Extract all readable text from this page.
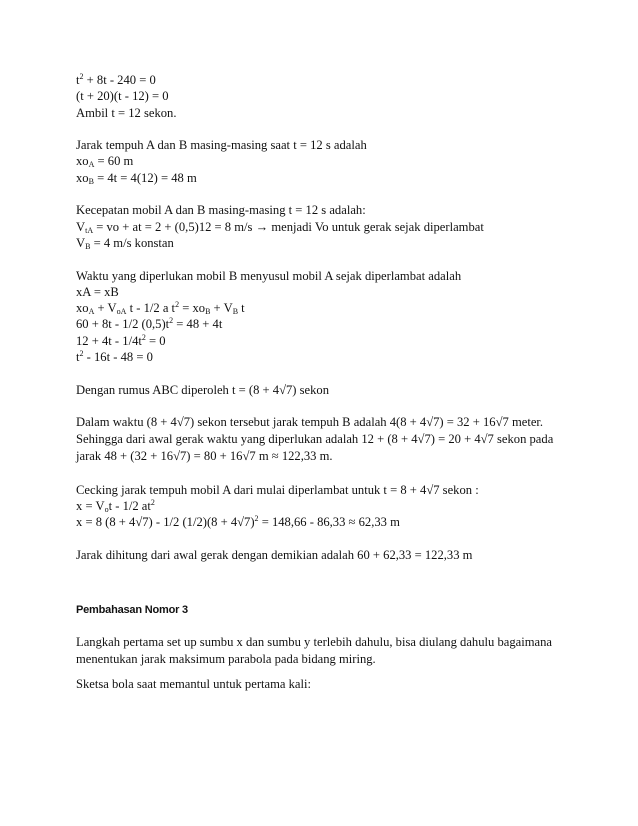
$t^2 + 8t - 240 = 0$
(t + 20)(t - 12) = 0
Ambil t = 12 sekon.
Jarak tempuh A dan B masing-masing saat t = 12 s adalah
$xo_A = 60$ m
$xo_B = 4t = 4(12) = 48$ m
Kecepatan mobil A dan B masing-masing t = 12 s adalah:
$V_{tA}$ = vo + at = 2 + (0,5)12 = 8 m/s → menjadi Vo untuk gerak sejak diperlambat
$V_B = 4$ m/s konstan
Waktu yang diperlukan mobil B menyusul mobil A sejak diperlambat adalah
xA = xB
$xo_A + V_{oA}$ t - 1/2 a $t^2 = xo_B + V_B$ t
60 + 8t - 1/2 $(0,5)t^2 = 48 + 4t$
$12 + 4t - 1/4t^2 = 0$
$t^2 - 16t - 48 = 0$
Dengan rumus ABC diperoleh t = (8 + 4√7) sekon
Dalam waktu (8 + 4√7) sekon tersebut jarak tempuh B adalah 4(8 + 4√7) = 32 + 16√7 meter. Sehingga dari awal gerak waktu yang diperlukan adalah 12 + (8 + 4√7) = 20 + 4√7 sekon pada jarak 48 + (32 + 16√7) = 80 + 16√7 m ≈ 122,33 m.
Cecking jarak tempuh mobil A dari mulai diperlambat untuk t = 8 + 4√7 sekon :
$x = V_ot - 1/2$ $at^2$
x = 8 (8 + 4√7) - 1/2 $(1/2)(8 + 4√7)^2 = 148,66 - 86,33 \approx 62,33$ m
Jarak dihitung dari awal gerak dengan demikian adalah 60 + 62,33 = 122,33 m
Pembahasan Nomor 3
Langkah pertama set up sumbu x dan sumbu y terlebih dahulu, bisa diulang dahulu bagaimana menentukan jarak maksimum parabola pada bidang miring.
Sketsa bola saat memantul untuk pertama kali:
